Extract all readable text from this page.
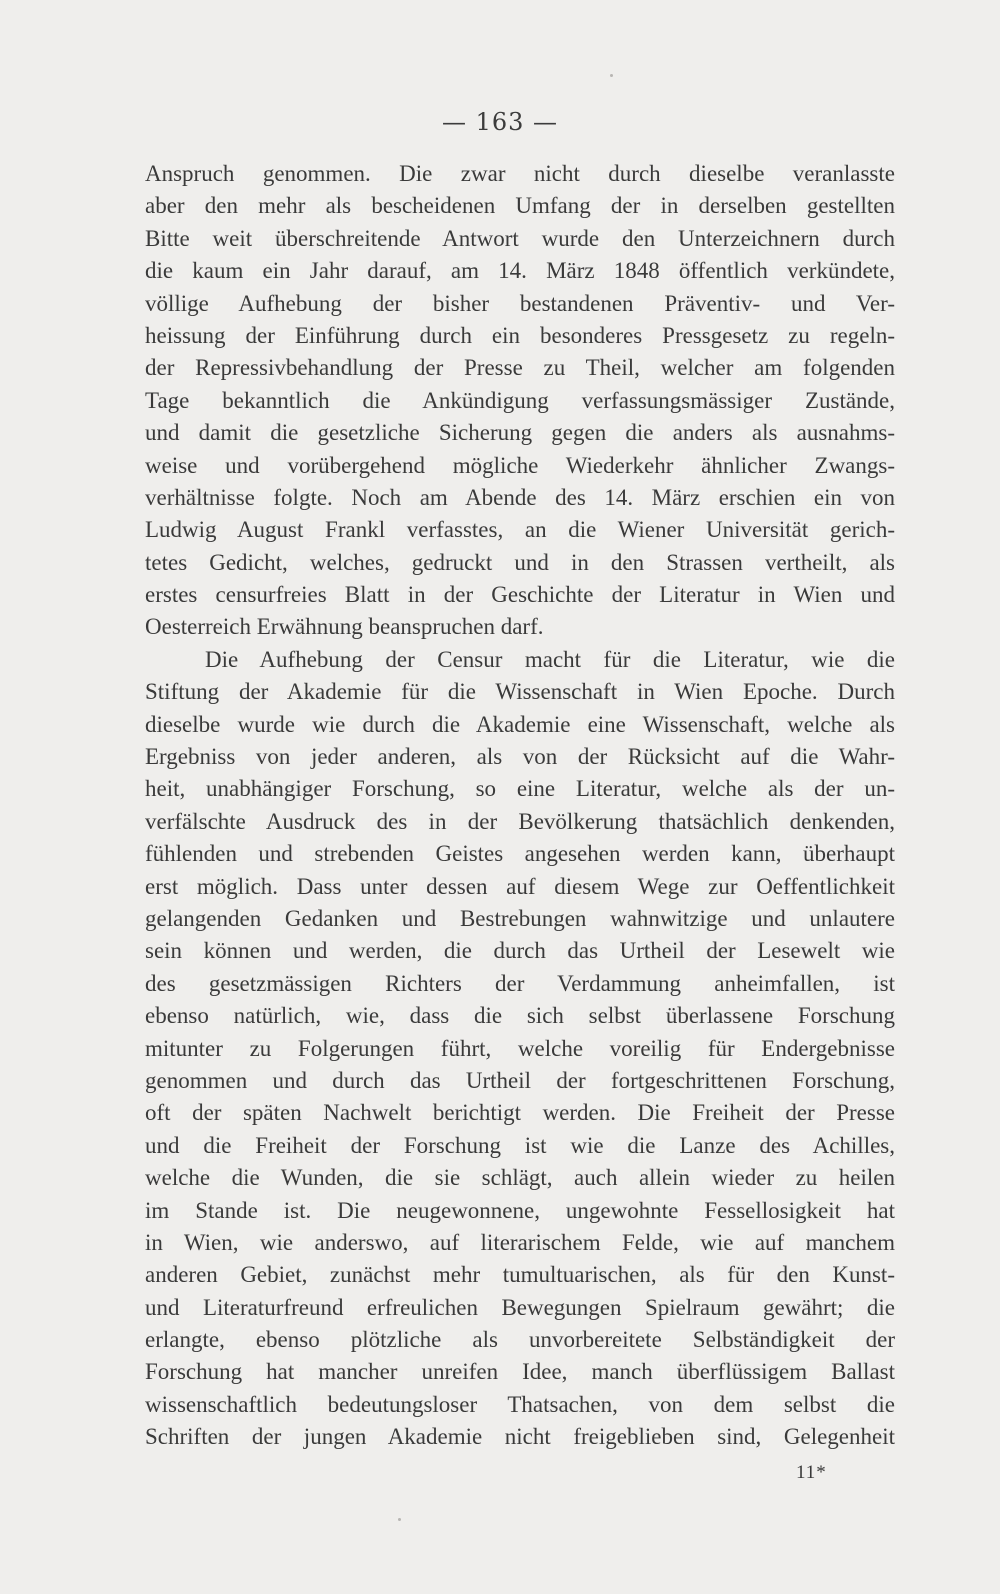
— 163 —
Anspruch genommen. Die zwar nicht durch dieselbe veranlasste
aber den mehr als bescheidenen Umfang der in derselben gestellten
Bitte weit überschreitende Antwort wurde den Unterzeichnern durch
die kaum ein Jahr darauf, am 14. März 1848 öffentlich verkündete,
völlige Aufhebung der bisher bestandenen Präventiv- und Ver-
heissung der Einführung durch ein besonderes Pressgesetz zu regeln-
der Repressivbehandlung der Presse zu Theil, welcher am folgenden
Tage bekanntlich die Ankündigung verfassungsmässiger Zustände,
und damit die gesetzliche Sicherung gegen die anders als ausnahms-
weise und vorübergehend mögliche Wiederkehr ähnlicher Zwangs-
verhältnisse folgte. Noch am Abende des 14. März erschien ein von
Ludwig August Frankl verfasstes, an die Wiener Universität gerich-
tetes Gedicht, welches, gedruckt und in den Strassen vertheilt, als
erstes censurfreies Blatt in der Geschichte der Literatur in Wien und
Oesterreich Erwähnung beanspruchen darf.
Die Aufhebung der Censur macht für die Literatur, wie die
Stiftung der Akademie für die Wissenschaft in Wien Epoche. Durch
dieselbe wurde wie durch die Akademie eine Wissenschaft, welche als
Ergebniss von jeder anderen, als von der Rücksicht auf die Wahr-
heit, unabhängiger Forschung, so eine Literatur, welche als der un-
verfälschte Ausdruck des in der Bevölkerung thatsächlich denkenden,
fühlenden und strebenden Geistes angesehen werden kann, überhaupt
erst möglich. Dass unter dessen auf diesem Wege zur Oeffentlichkeit
gelangenden Gedanken und Bestrebungen wahnwitzige und unlautere
sein können und werden, die durch das Urtheil der Lesewelt wie
des gesetzmässigen Richters der Verdammung anheimfallen, ist
ebenso natürlich, wie, dass die sich selbst überlassene Forschung
mitunter zu Folgerungen führt, welche voreilig für Endergebnisse
genommen und durch das Urtheil der fortgeschrittenen Forschung,
oft der späten Nachwelt berichtigt werden. Die Freiheit der Presse
und die Freiheit der Forschung ist wie die Lanze des Achilles,
welche die Wunden, die sie schlägt, auch allein wieder zu heilen
im Stande ist. Die neugewonnene, ungewohnte Fessellosigkeit hat
in Wien, wie anderswo, auf literarischem Felde, wie auf manchem
anderen Gebiet, zunächst mehr tumultuarischen, als für den Kunst-
und Literaturfreund erfreulichen Bewegungen Spielraum gewährt; die
erlangte, ebenso plötzliche als unvorbereitete Selbständigkeit der
Forschung hat mancher unreifen Idee, manch überflüssigem Ballast
wissenschaftlich bedeutungsloser Thatsachen, von dem selbst die
Schriften der jungen Akademie nicht freigeblieben sind, Gelegenheit
11*
